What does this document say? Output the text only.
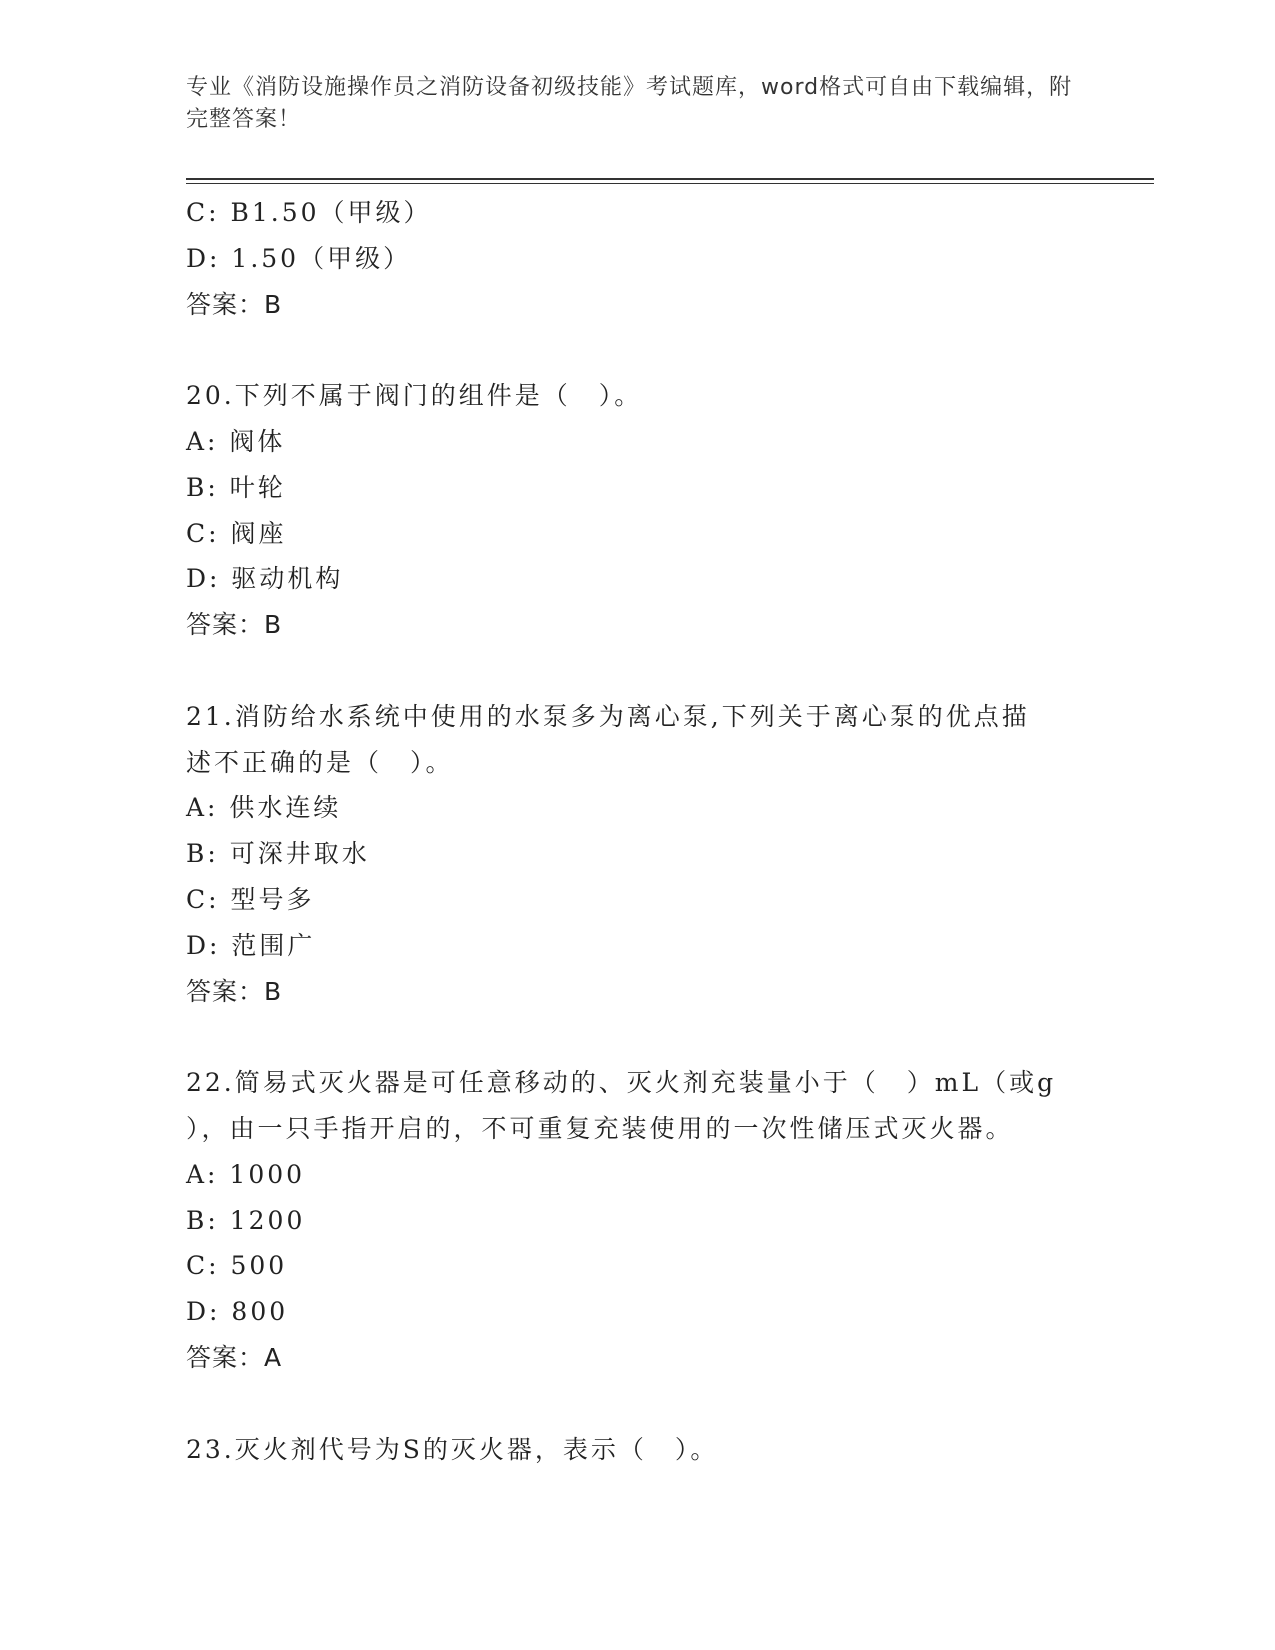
专业《消防设施操作员之消防设备初级技能》考试题库，word格式可自由下载编辑，附完整答案！
C: B1.50（甲级）
D: 1.50（甲级）
答案：B
20.下列不属于阀门的组件是（　）。
A: 阀体
B: 叶轮
C: 阀座
D: 驱动机构
答案：B
21.消防给水系统中使用的水泵多为离心泵,下列关于离心泵的优点描
述不正确的是（　）。
A: 供水连续
B: 可深井取水
C: 型号多
D: 范围广
答案：B
22.简易式灭火器是可任意移动的、灭火剂充装量小于（　）mL（或g
），由一只手指开启的，不可重复充装使用的一次性储压式灭火器。
A: 1000
B: 1200
C: 500
D: 800
答案：A
23.灭火剂代号为S的灭火器，表示（　）。
